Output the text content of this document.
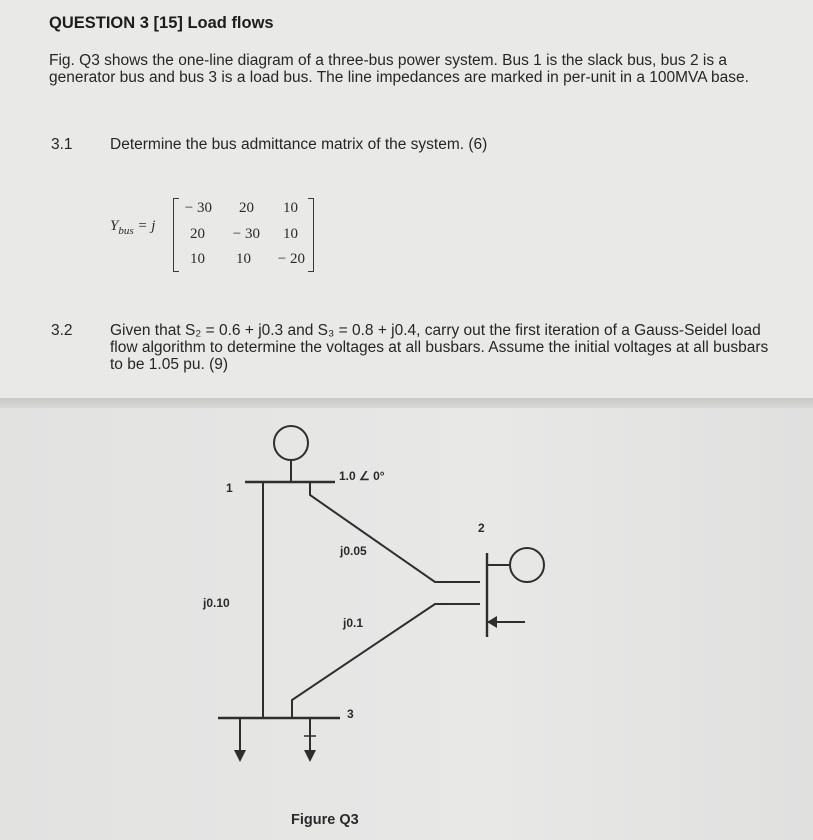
QUESTION 3 [15] Load flows
Fig. Q3 shows the one-line diagram of a three-bus power system. Bus 1 is the slack bus, bus 2 is a generator bus and bus 3 is a load bus. The line impedances are marked in per-unit in a 100MVA base.
3.1 Determine the bus admittance matrix of the system. (6)
$Y_{bus} = j$
− 30	20	10
20	− 30	10
10	10	− 20
3.2 Given that S₂ = 0.6 + j0.3 and S₃ = 0.8 + j0.4, carry out the first iteration of a Gauss-Seidel load flow algorithm to determine the voltages at all busbars. Assume the initial voltages at all busbars to be 1.05 pu. (9)
1
2
3
1.0 ∠ 0°
j0.05
j0.1
j0.10
Figure Q3
